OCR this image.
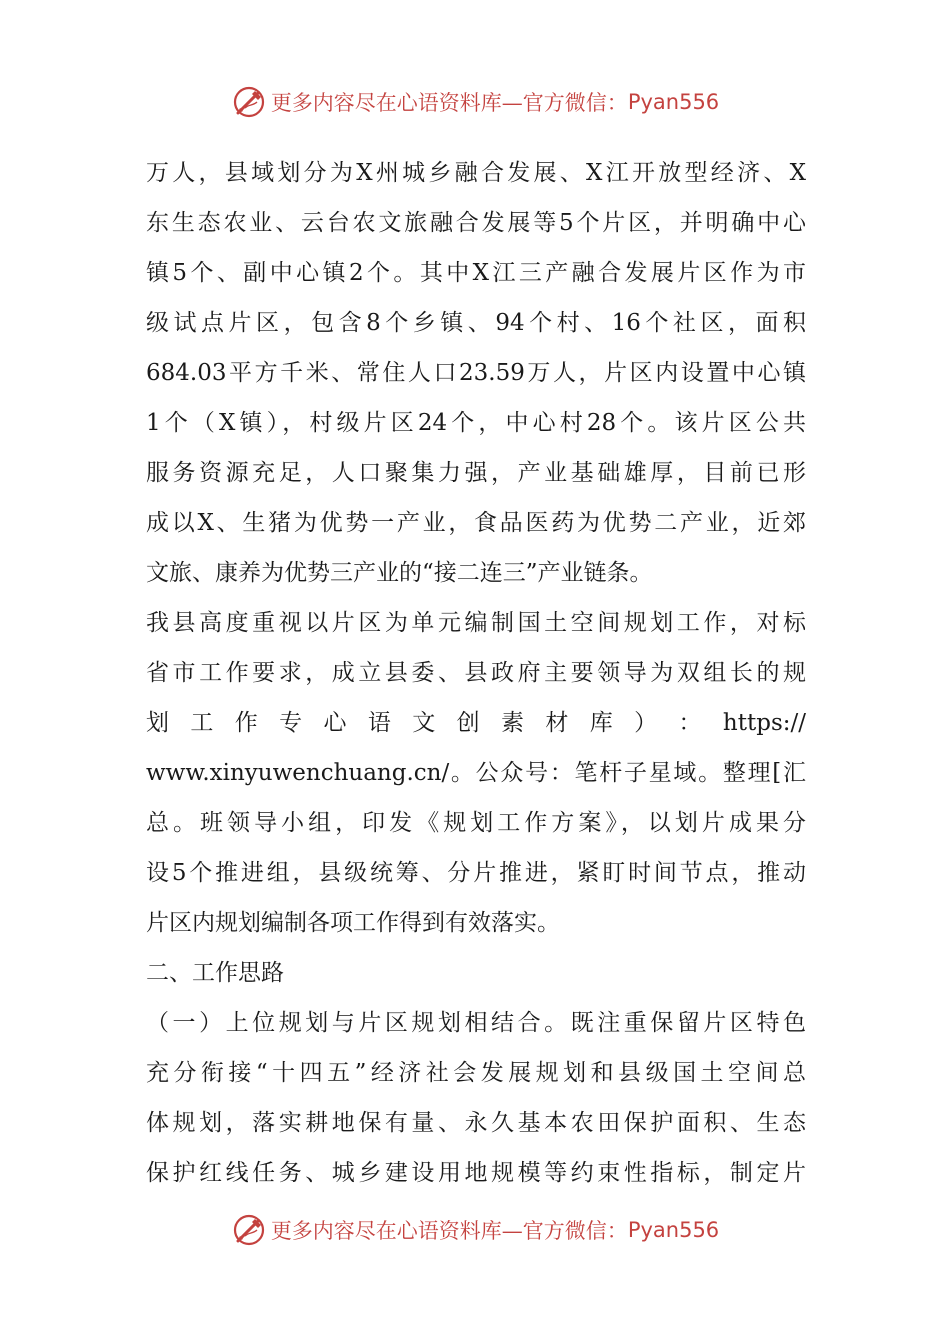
更多内容尽在心语资料库—官方微信： Pyan556
万人，县域划分为X州城乡融合发展、X江开放型经济、X
东生态农业、云台农文旅融合发展等5个片区，并明确中心
镇5个、副中心镇2个。其中X江三产融合发展片区作为市
级试点片区，包含8个乡镇、94个村、16个社区，面积
684.03平方千米、常住人口23.59万人，片区内设置中心镇
1个（X镇），村级片区24个，中心村28个。该片区公共
服务资源充足，人口聚集力强，产业基础雄厚，目前已形
成以X、生猪为优势一产业，食品医药为优势二产业，近郊
文旅、康养为优势三产业的“接二连三”产业链条。
我县高度重视以片区为单元编制国土空间规划工作，对标
省市工作要求，成立县委、县政府主要领导为双组长的规
划 工 作 专 心 语 文 创 素 材 库 ） ： https://
www.xinyuwenchuang.cn/。公众号：笔杆子星域。整理[汇
总。班领导小组，印发《规划工作方案》，以划片成果分
设5个推进组，县级统筹、分片推进，紧盯时间节点，推动
片区内规划编制各项工作得到有效落实。
二、工作思路
（一）上位规划与片区规划相结合。既注重保留片区特色
充分衔接“十四五”经济社会发展规划和县级国土空间总
体规划，落实耕地保有量、永久基本农田保护面积、生态
保护红线任务、城乡建设用地规模等约束性指标，制定片
更多内容尽在心语资料库—官方微信： Pyan556
